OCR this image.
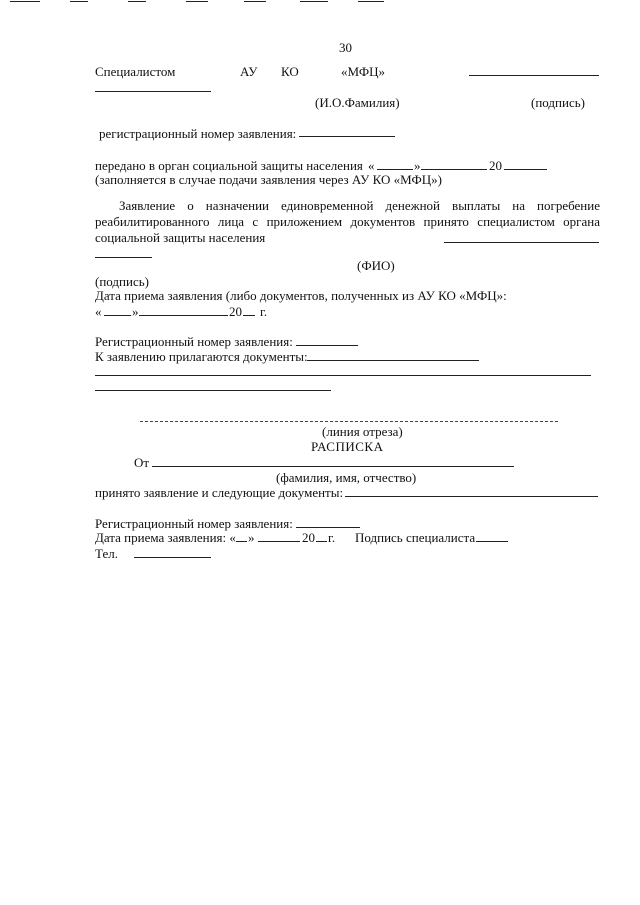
30
Специалистом	АУ КО	«МФЦ»
(И.О.Фамилия)	(подпись)
регистрационный номер заявления:
передано в орган социальной защиты населения «	»	20
(заполняется в случае подачи заявления через АУ КО «МФЦ»)
Заявление о назначении единовременной денежной выплаты на погребение реабилитированного лица с приложением документов принято специалистом органа социальной защиты населения
(ФИО)
(подпись)
Дата приема заявления (либо документов, полученных из АУ КО «МФЦ»:
« »	20 г.
Регистрационный номер заявления:
К заявлению прилагаются документы:
(линия отреза)
РАСПИСКА
От
(фамилия, имя, отчество)
принято заявление и следующие документы:
Регистрационный номер заявления:
Дата приема заявления: « »	20 г. Подпись специалиста
Тел.
